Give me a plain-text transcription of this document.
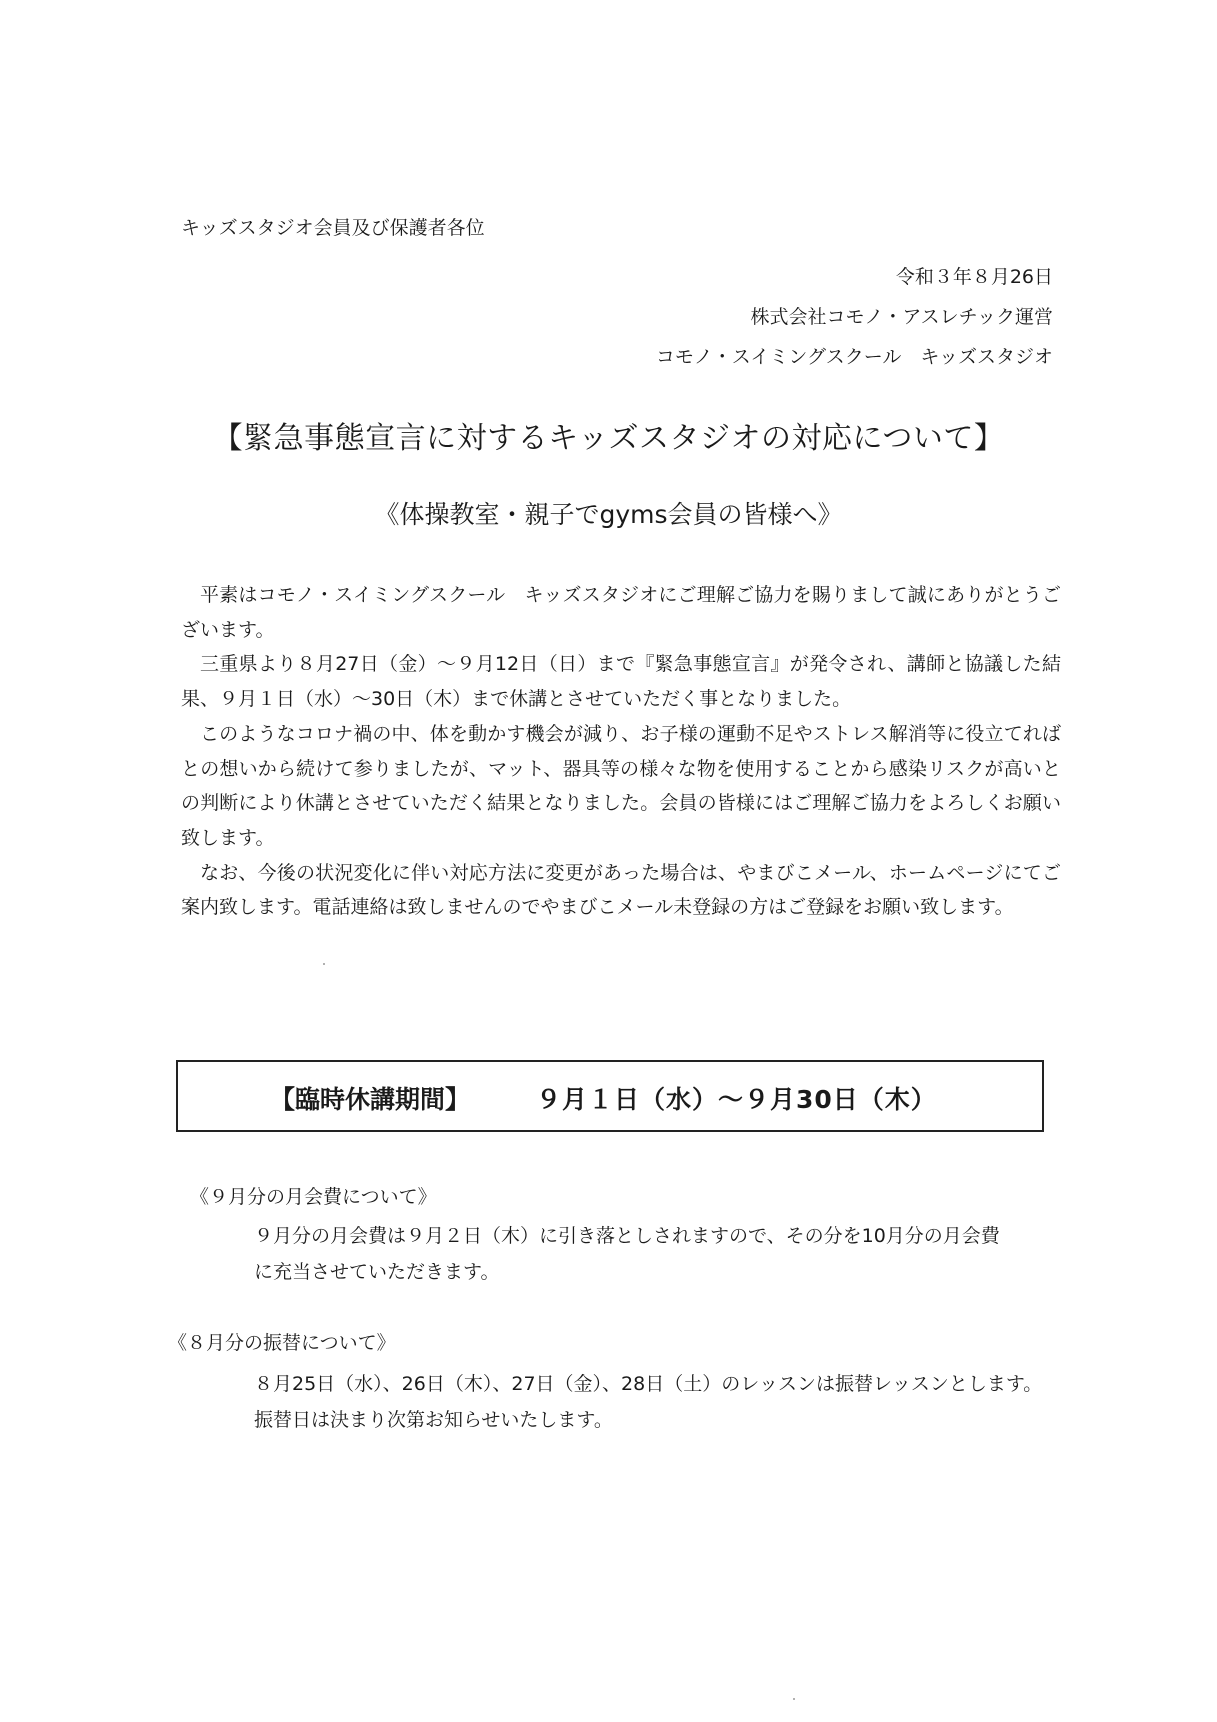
キッズスタジオ会員及び保護者各位
令和３年８月26日
株式会社コモノ・アスレチック運営
コモノ・スイミングスクール　キッズスタジオ
【緊急事態宣言に対するキッズスタジオの対応について】
《体操教室・親子でgyms会員の皆様へ》

平素はコモノ・スイミングスクール　キッズスタジオにご理解ご協力を賜りまして誠にありがとうございます。

三重県より８月27日（金）～９月12日（日）まで『緊急事態宣言』が発令され、講師と協議した結果、９月１日（水）～30日（木）まで休講とさせていただく事となりました。

このようなコロナ禍の中、体を動かす機会が減り、お子様の運動不足やストレス解消等に役立てればとの想いから続けて参りましたが、マット、器具等の様々な物を使用することから感染リスクが高いとの判断により休講とさせていただく結果となりました。会員の皆様にはご理解ご協力をよろしくお願い致します。

なお、今後の状況変化に伴い対応方法に変更があった場合は、やまびこメール、ホームページにてご案内致します。電話連絡は致しませんのでやまびこメール未登録の方はご登録をお願い致します。

【臨時休講期間】	９月１日（水）～９月30日（木）
《９月分の月会費について》
９月分の月会費は９月２日（木）に引き落としされますので、その分を10月分の月会費
に充当させていただきます。
《８月分の振替について》
８月25日（水）、26日（木）、27日（金）、28日（土）のレッスンは振替レッスンとします。
振替日は決まり次第お知らせいたします。
